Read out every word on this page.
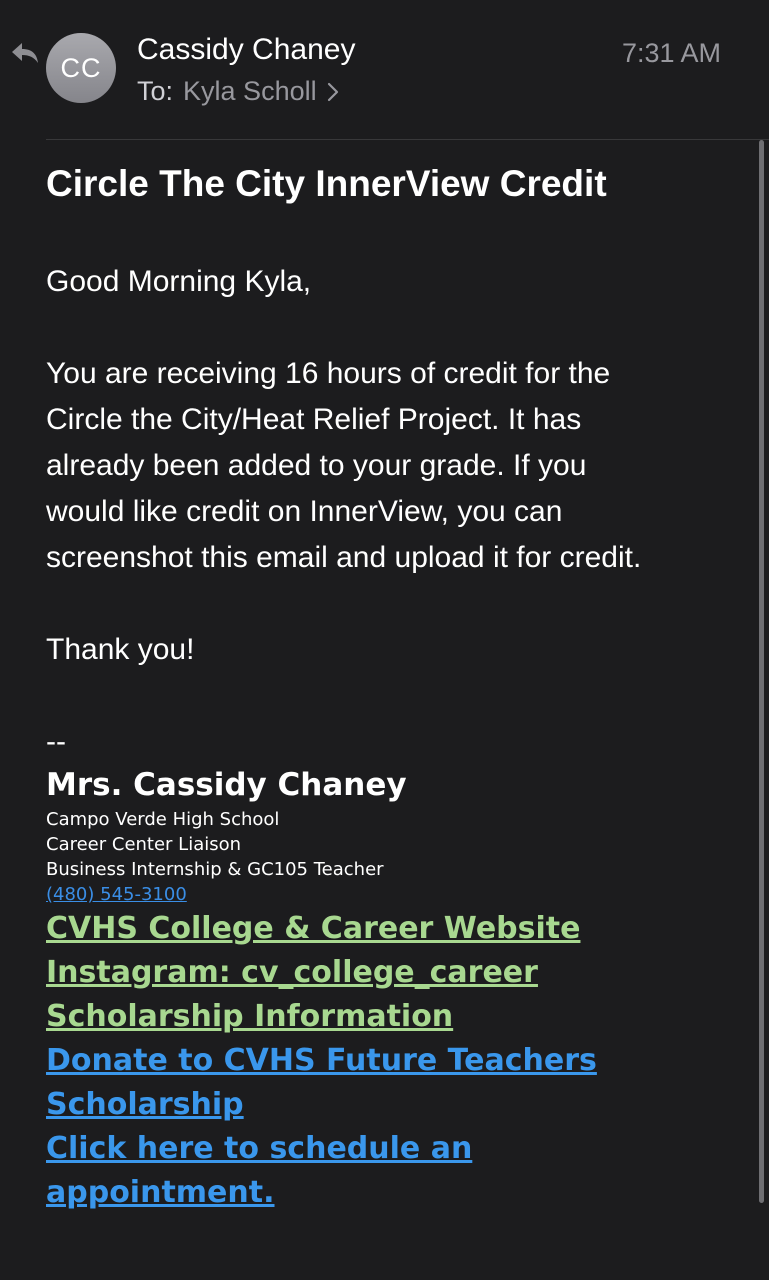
CC
Cassidy Chaney
To: Kyla Scholl
7:31 AM
Circle The City InnerView Credit
Good Morning Kyla,
You are receiving 16 hours of credit for the
Circle the City/Heat Relief Project. It has
already been added to your grade. If you
would like credit on InnerView, you can
screenshot this email and upload it for credit.
Thank you!
--
Mrs. Cassidy Chaney
Campo Verde High School
Career Center Liaison
Business Internship & GC105 Teacher
(480) 545-3100
CVHS College & Career Website
Instagram: cv_college_career
Scholarship Information
Donate to CVHS Future Teachers
Scholarship
Click here to schedule an
appointment.
